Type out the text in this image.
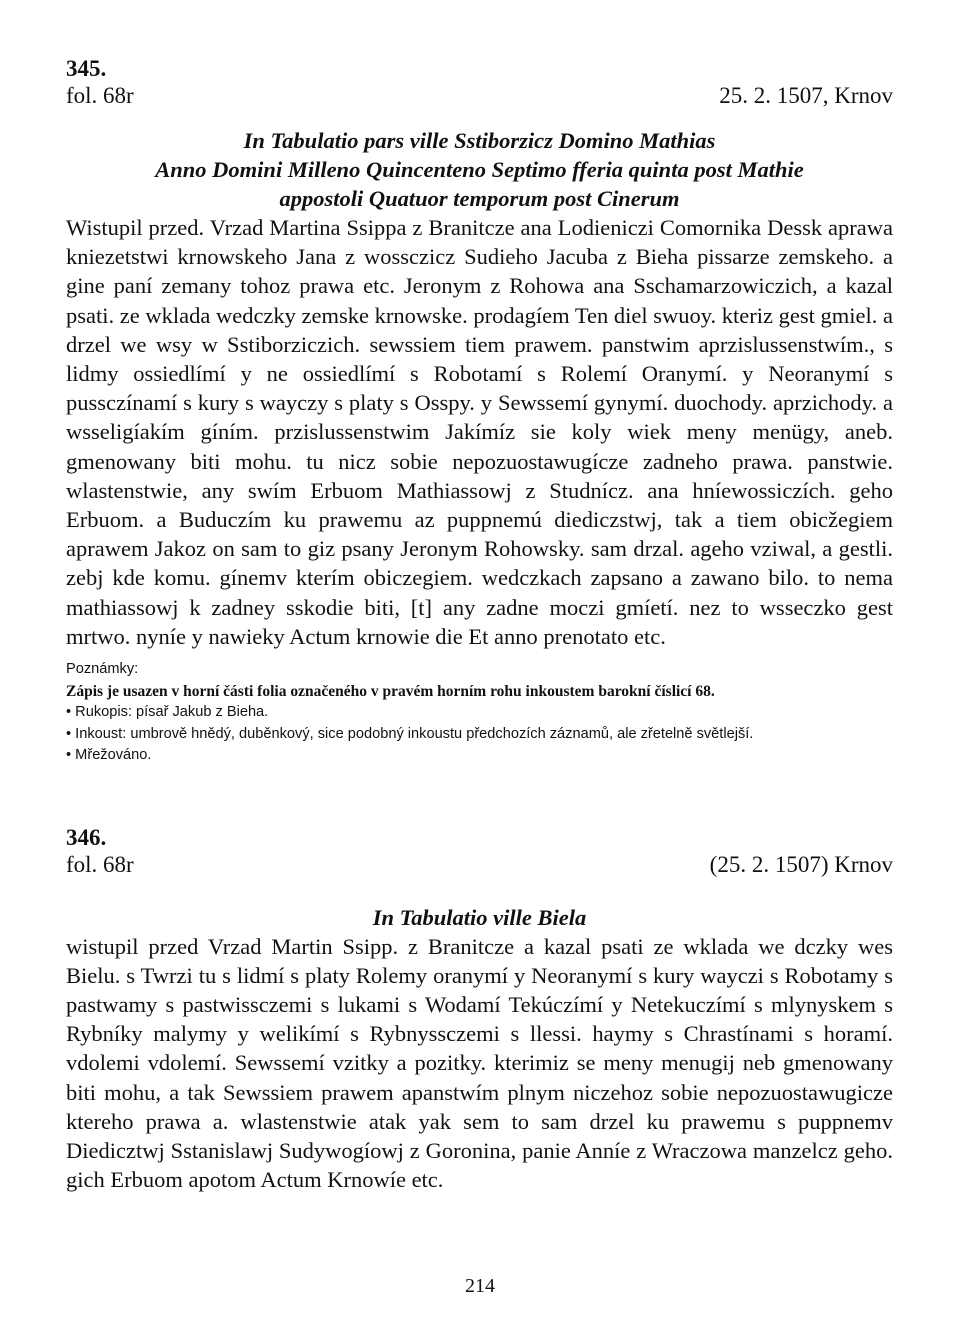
345.

fol. 68r	25. 2. 1507, Krnov
In Tabulatio pars ville Sstiborzicz Domino Mathias
Anno Domini Milleno Quincenteno Septimo fferia quinta post Mathie
appostoli Quatuor temporum post Cinerum

Wistupil przed. Vrzad Martina Ssippa z Branitcze ana Lodieniczi Comornika Dessk aprawa kniezetstwi krnowskeho Jana z wossczicz Sudieho Jacuba z Bieha pissarze zemskeho. a gine paní zemany tohoz prawa etc. Jeronym z Rohowa ana Sschamarzowiczich, a kazal psati. ze wklada wedczky zemske krnowske. prodagíem Ten diel swuoy. kteriz gest gmiel. a drzel we wsy w Sstiborziczich. sewssiem tiem prawem. panstwim aprzislussenstwím., s lidmy ossiedlímí y ne ossiedlímí s Robotamí s Rolemí Oranymí. y Neoranymí s pussczínamí s kury s wayczy s platy s Osspy. y Sewssemí gynymí. duochody. aprzichody. a wsseligíakím gíním. przislussenstwim Jakímíz sie koly wiek meny menügy, aneb. gmenowany biti mohu. tu nicz sobie nepozuostawugícze zadneho prawa. panstwie. wlastenstwie, any swím Erbuom Mathiassowj z Studnícz. ana hníewossiczích. geho Erbuom. a Buduczím ku prawemu az puppnemú diediczstwj, tak a tiem obicžegiem aprawem Jakoz on sam to giz psany Jeronym Rohowsky. sam drzal. ageho vziwal, a gestli. zebj kde komu. gínemv kterím obiczegiem. wedczkach zapsano a zawano bilo. to nema mathiassowj k zadney sskodie biti, [t] any zadne moczi gmíetí. nez to wsseczko gest mrtwo. nyníe y nawieky Actum krnowie die Et anno prenotato etc.

Poznámky:
Zápis je usazen v horní části folia označeného v pravém horním rohu inkoustem barokní číslicí 68.
• Rukopis: písař Jakub z Bieha.
• Inkoust: umbrově hnědý, duběnkový, sice podobný inkoustu předchozích záznamů, ale zřetelně světlejší.
• Mřežováno.

346.

fol. 68r	(25. 2. 1507) Krnov
In Tabulatio ville Biela

wistupil przed Vrzad Martin Ssipp. z Branitcze a kazal psati ze wklada we dczky wes Bielu. s Twrzi tu s lidmí s platy Rolemy oranymí y Neoranymí s kury wayczi s Robotamy s pastwamy s pastwissczemi s lukami s Wodamí Tekúczímí y Netekuczímí s mlynyskem s Rybníky malymy y welikímí s Rybnyssczemi s llessi. haymy s Chrastínami s horamí. vdolemi vdolemí. Sewssemí vzitky a pozitky. kterimiz se meny menugij neb gmenowany biti mohu, a tak Sewssiem prawem apanstwím plnym niczehoz sobie nepozuostawugicze ktereho prawa a. wlastenstwie atak yak sem to sam drzel ku prawemu s puppnemv Diedicztwj Sstanislawj Sudywogíowj z Goronina, panie Anníe z Wraczowa manzelcz geho. gich Erbuom apotom Actum Krnowíe etc.

214
